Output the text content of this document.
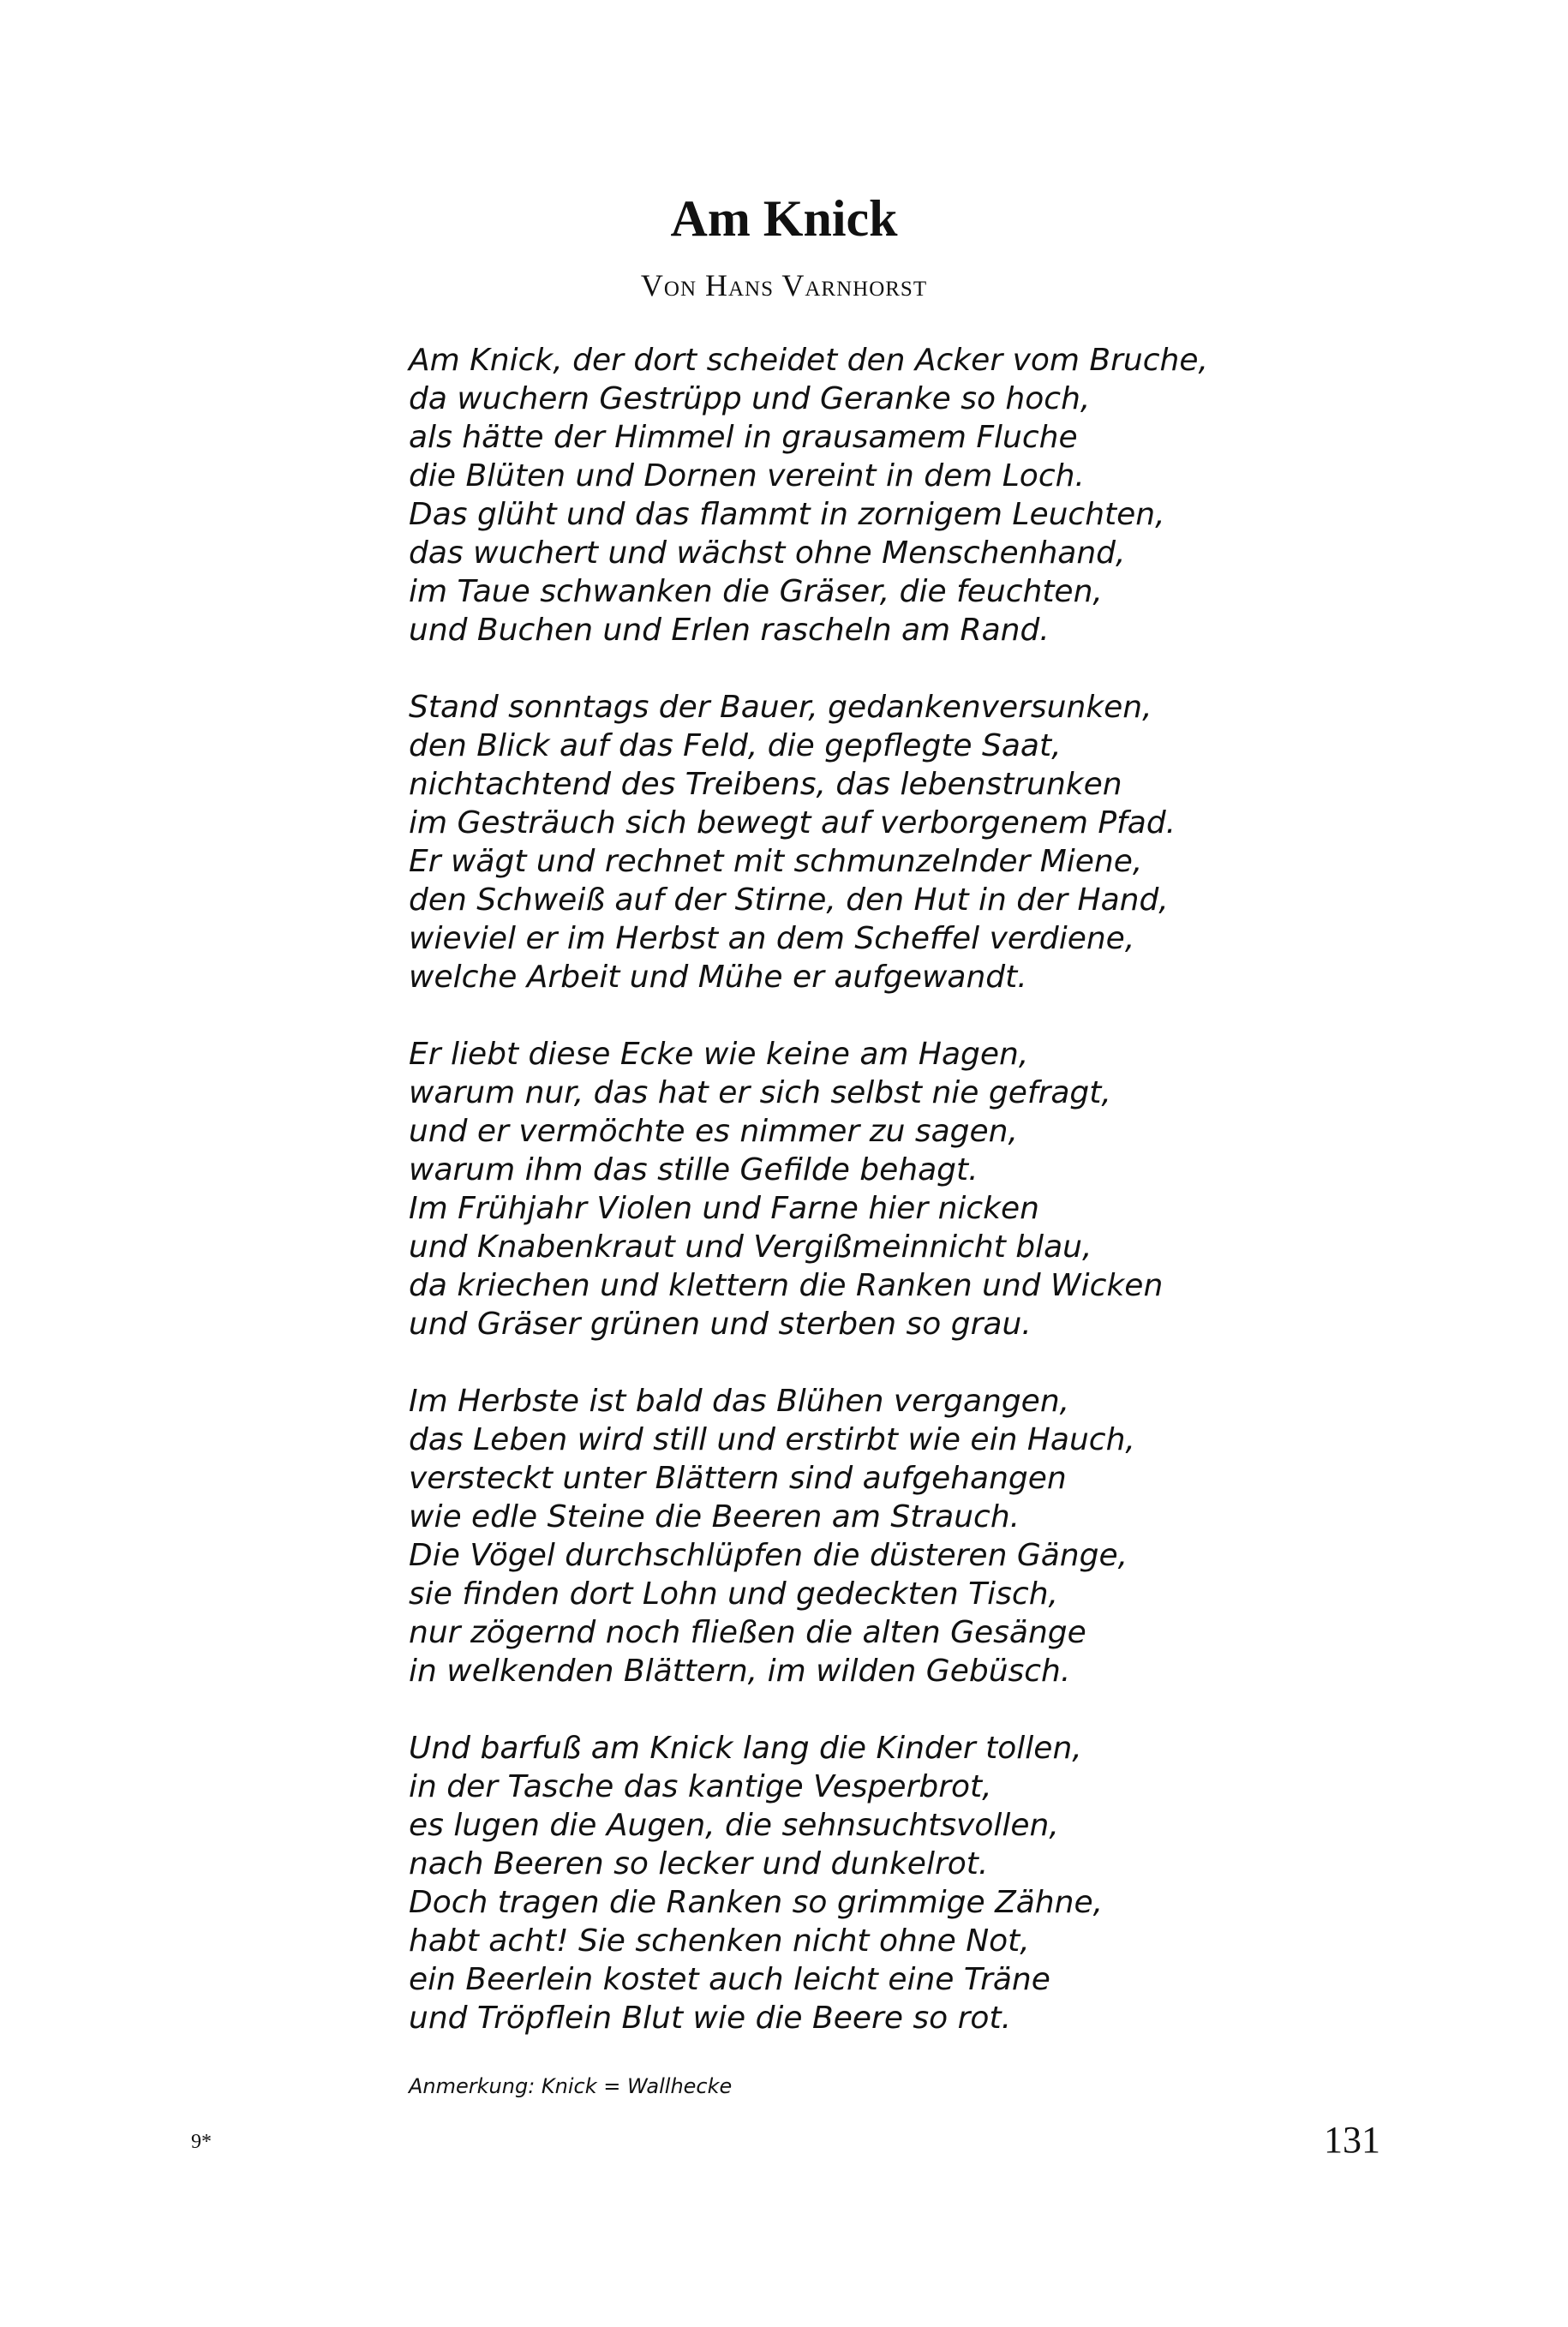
Am Knick
Von Hans Varnhorst
Am Knick, der dort scheidet den Acker vom Bruche,
da wuchern Gestrüpp und Geranke so hoch,
als hätte der Himmel in grausamem Fluche
die Blüten und Dornen vereint in dem Loch.
Das glüht und das flammt in zornigem Leuchten,
das wuchert und wächst ohne Menschenhand,
im Taue schwanken die Gräser, die feuchten,
und Buchen und Erlen rascheln am Rand.
Stand sonntags der Bauer, gedankenversunken,
den Blick auf das Feld, die gepflegte Saat,
nichtachtend des Treibens, das lebenstrunken
im Gesträuch sich bewegt auf verborgenem Pfad.
Er wägt und rechnet mit schmunzelnder Miene,
den Schweiß auf der Stirne, den Hut in der Hand,
wieviel er im Herbst an dem Scheffel verdiene,
welche Arbeit und Mühe er aufgewandt.
Er liebt diese Ecke wie keine am Hagen,
warum nur, das hat er sich selbst nie gefragt,
und er vermöchte es nimmer zu sagen,
warum ihm das stille Gefilde behagt.
Im Frühjahr Violen und Farne hier nicken
und Knabenkraut und Vergißmeinnicht blau,
da kriechen und klettern die Ranken und Wicken
und Gräser grünen und sterben so grau.
Im Herbste ist bald das Blühen vergangen,
das Leben wird still und erstirbt wie ein Hauch,
versteckt unter Blättern sind aufgehangen
wie edle Steine die Beeren am Strauch.
Die Vögel durchschlüpfen die düsteren Gänge,
sie finden dort Lohn und gedeckten Tisch,
nur zögernd noch fließen die alten Gesänge
in welkenden Blättern, im wilden Gebüsch.
Und barfuß am Knick lang die Kinder tollen,
in der Tasche das kantige Vesperbrot,
es lugen die Augen, die sehnsuchtsvollen,
nach Beeren so lecker und dunkelrot.
Doch tragen die Ranken so grimmige Zähne,
habt acht! Sie schenken nicht ohne Not,
ein Beerlein kostet auch leicht eine Träne
und Tröpflein Blut wie die Beere so rot.
Anmerkung: Knick = Wallhecke
9*	131
